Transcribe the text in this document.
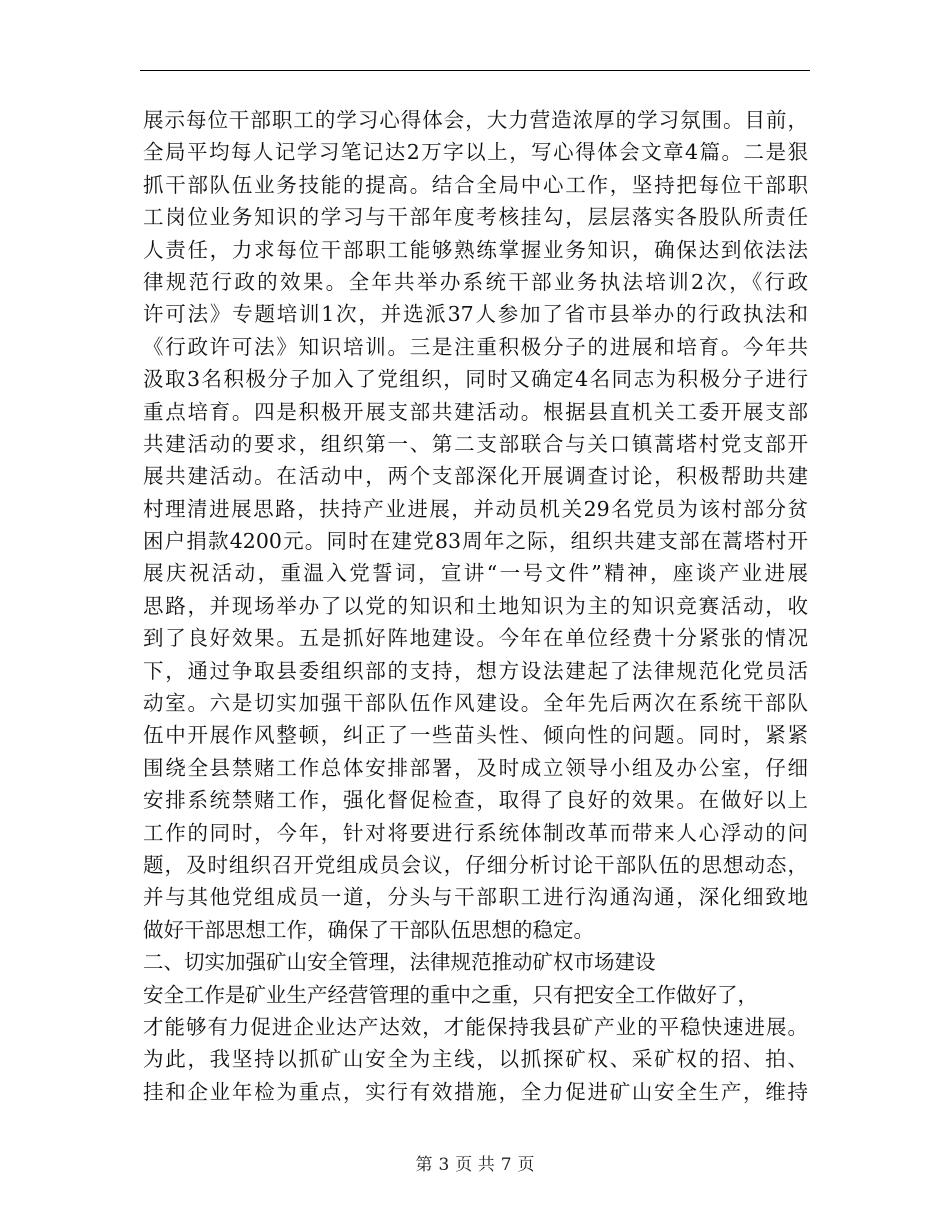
展示每位干部职工的学习心得体会，大力营造浓厚的学习氛围。目前，
全局平均每人记学习笔记达2万字以上，写心得体会文章4篇。二是狠
抓干部队伍业务技能的提高。结合全局中心工作，坚持把每位干部职
工岗位业务知识的学习与干部年度考核挂勾，层层落实各股队所责任
人责任，力求每位干部职工能够熟练掌握业务知识，确保达到依法法
律规范行政的效果。全年共举办系统干部业务执法培训2次，《行政
许可法》专题培训1次，并选派37人参加了省市县举办的行政执法和
《行政许可法》知识培训。三是注重积极分子的进展和培育。今年共
汲取3名积极分子加入了党组织，同时又确定4名同志为积极分子进行
重点培育。四是积极开展支部共建活动。根据县直机关工委开展支部
共建活动的要求，组织第一、第二支部联合与关口镇蒿塔村党支部开
展共建活动。在活动中，两个支部深化开展调查讨论，积极帮助共建
村理清进展思路，扶持产业进展，并动员机关29名党员为该村部分贫
困户捐款4200元。同时在建党83周年之际，组织共建支部在蒿塔村开
展庆祝活动，重温入党誓词，宣讲“一号文件”精神，座谈产业进展
思路，并现场举办了以党的知识和土地知识为主的知识竞赛活动，收
到了良好效果。五是抓好阵地建设。今年在单位经费十分紧张的情况
下，通过争取县委组织部的支持，想方设法建起了法律规范化党员活
动室。六是切实加强干部队伍作风建设。全年先后两次在系统干部队
伍中开展作风整顿，纠正了一些苗头性、倾向性的问题。同时，紧紧
围绕全县禁赌工作总体安排部署，及时成立领导小组及办公室，仔细
安排系统禁赌工作，强化督促检查，取得了良好的效果。在做好以上
工作的同时，今年，针对将要进行系统体制改革而带来人心浮动的问
题，及时组织召开党组成员会议，仔细分析讨论干部队伍的思想动态，
并与其他党组成员一道，分头与干部职工进行沟通沟通，深化细致地
做好干部思想工作，确保了干部队伍思想的稳定。
二、切实加强矿山安全管理，法律规范推动矿权市场建设
安全工作是矿业生产经营管理的重中之重，只有把安全工作做好了，
才能够有力促进企业达产达效，才能保持我县矿产业的平稳快速进展。
为此，我坚持以抓矿山安全为主线，以抓探矿权、采矿权的招、拍、
挂和企业年检为重点，实行有效措施，全力促进矿山安全生产，维持
第 3 页 共 7 页
